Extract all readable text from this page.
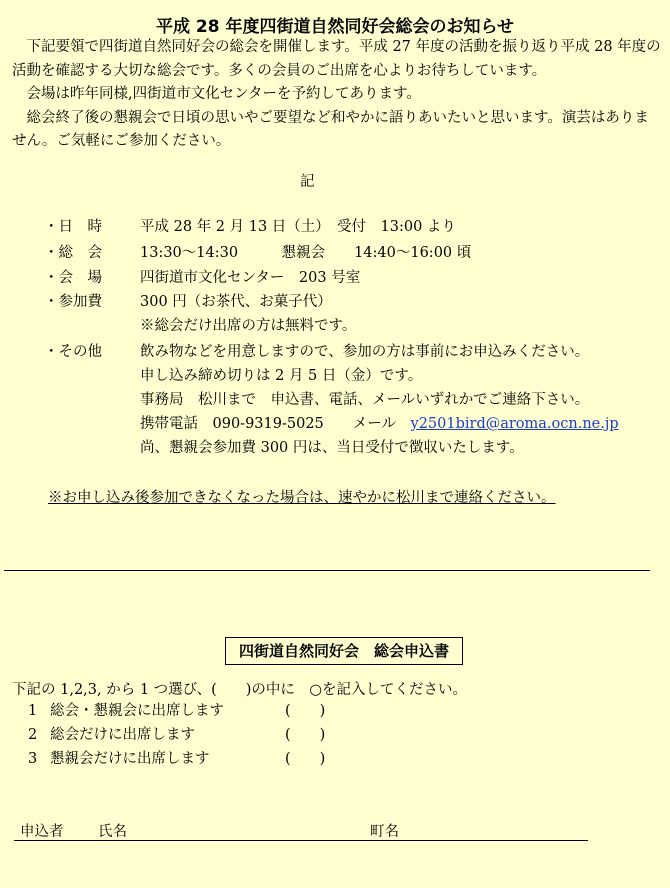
平成 28 年度四街道自然同好会総会のお知らせ

下記要領で四街道自然同好会の総会を開催します。平成 27 年度の活動を振り返り平成 28 年度の活動を確認する大切な総会です。多くの会員のご出席を心よりお待ちしています。

会場は昨年同様,四街道市文化センターを予約してあります。

総会終了後の懇親会で日頃の思いやご要望など和やかに語りあいたいと思います。演芸はありません。ご気軽にご参加ください。

記
・日　時	平成 28 年 2 月 13 日（土）　受付　13:00 より
・総　会	13:30～14:30　　　懇親会　　14:40～16:00 頃
・会　場	四街道市文化センター　203 号室
・参加費	300 円（お茶代、お菓子代）
※総会だけ出席の方は無料です。
・その他	飲み物などを用意しますので、参加の方は事前にお申込みください。
申し込み締め切りは 2 月 5 日（金）です。
事務局　松川まで　申込書、電話、メールいずれかでご連絡下さい。
携帯電話　090-9319-5025　　メール　y2501bird@aroma.ocn.ne.jp
尚、懇親会参加費 300 円は、当日受付で徴収いたします。
※お申し込み後参加できなくなった場合は、速やかに松川まで連絡ください。
四街道自然同好会　総会申込書
下記の 1,2,3, から 1 つ選び、(　　)の中に　○を記入してください。
1 総会・懇親会に出席します	(　　)
2 総会だけに出席します	(　　)
3 懇親会だけに出席します	(　　)
申込者 氏名	町名
